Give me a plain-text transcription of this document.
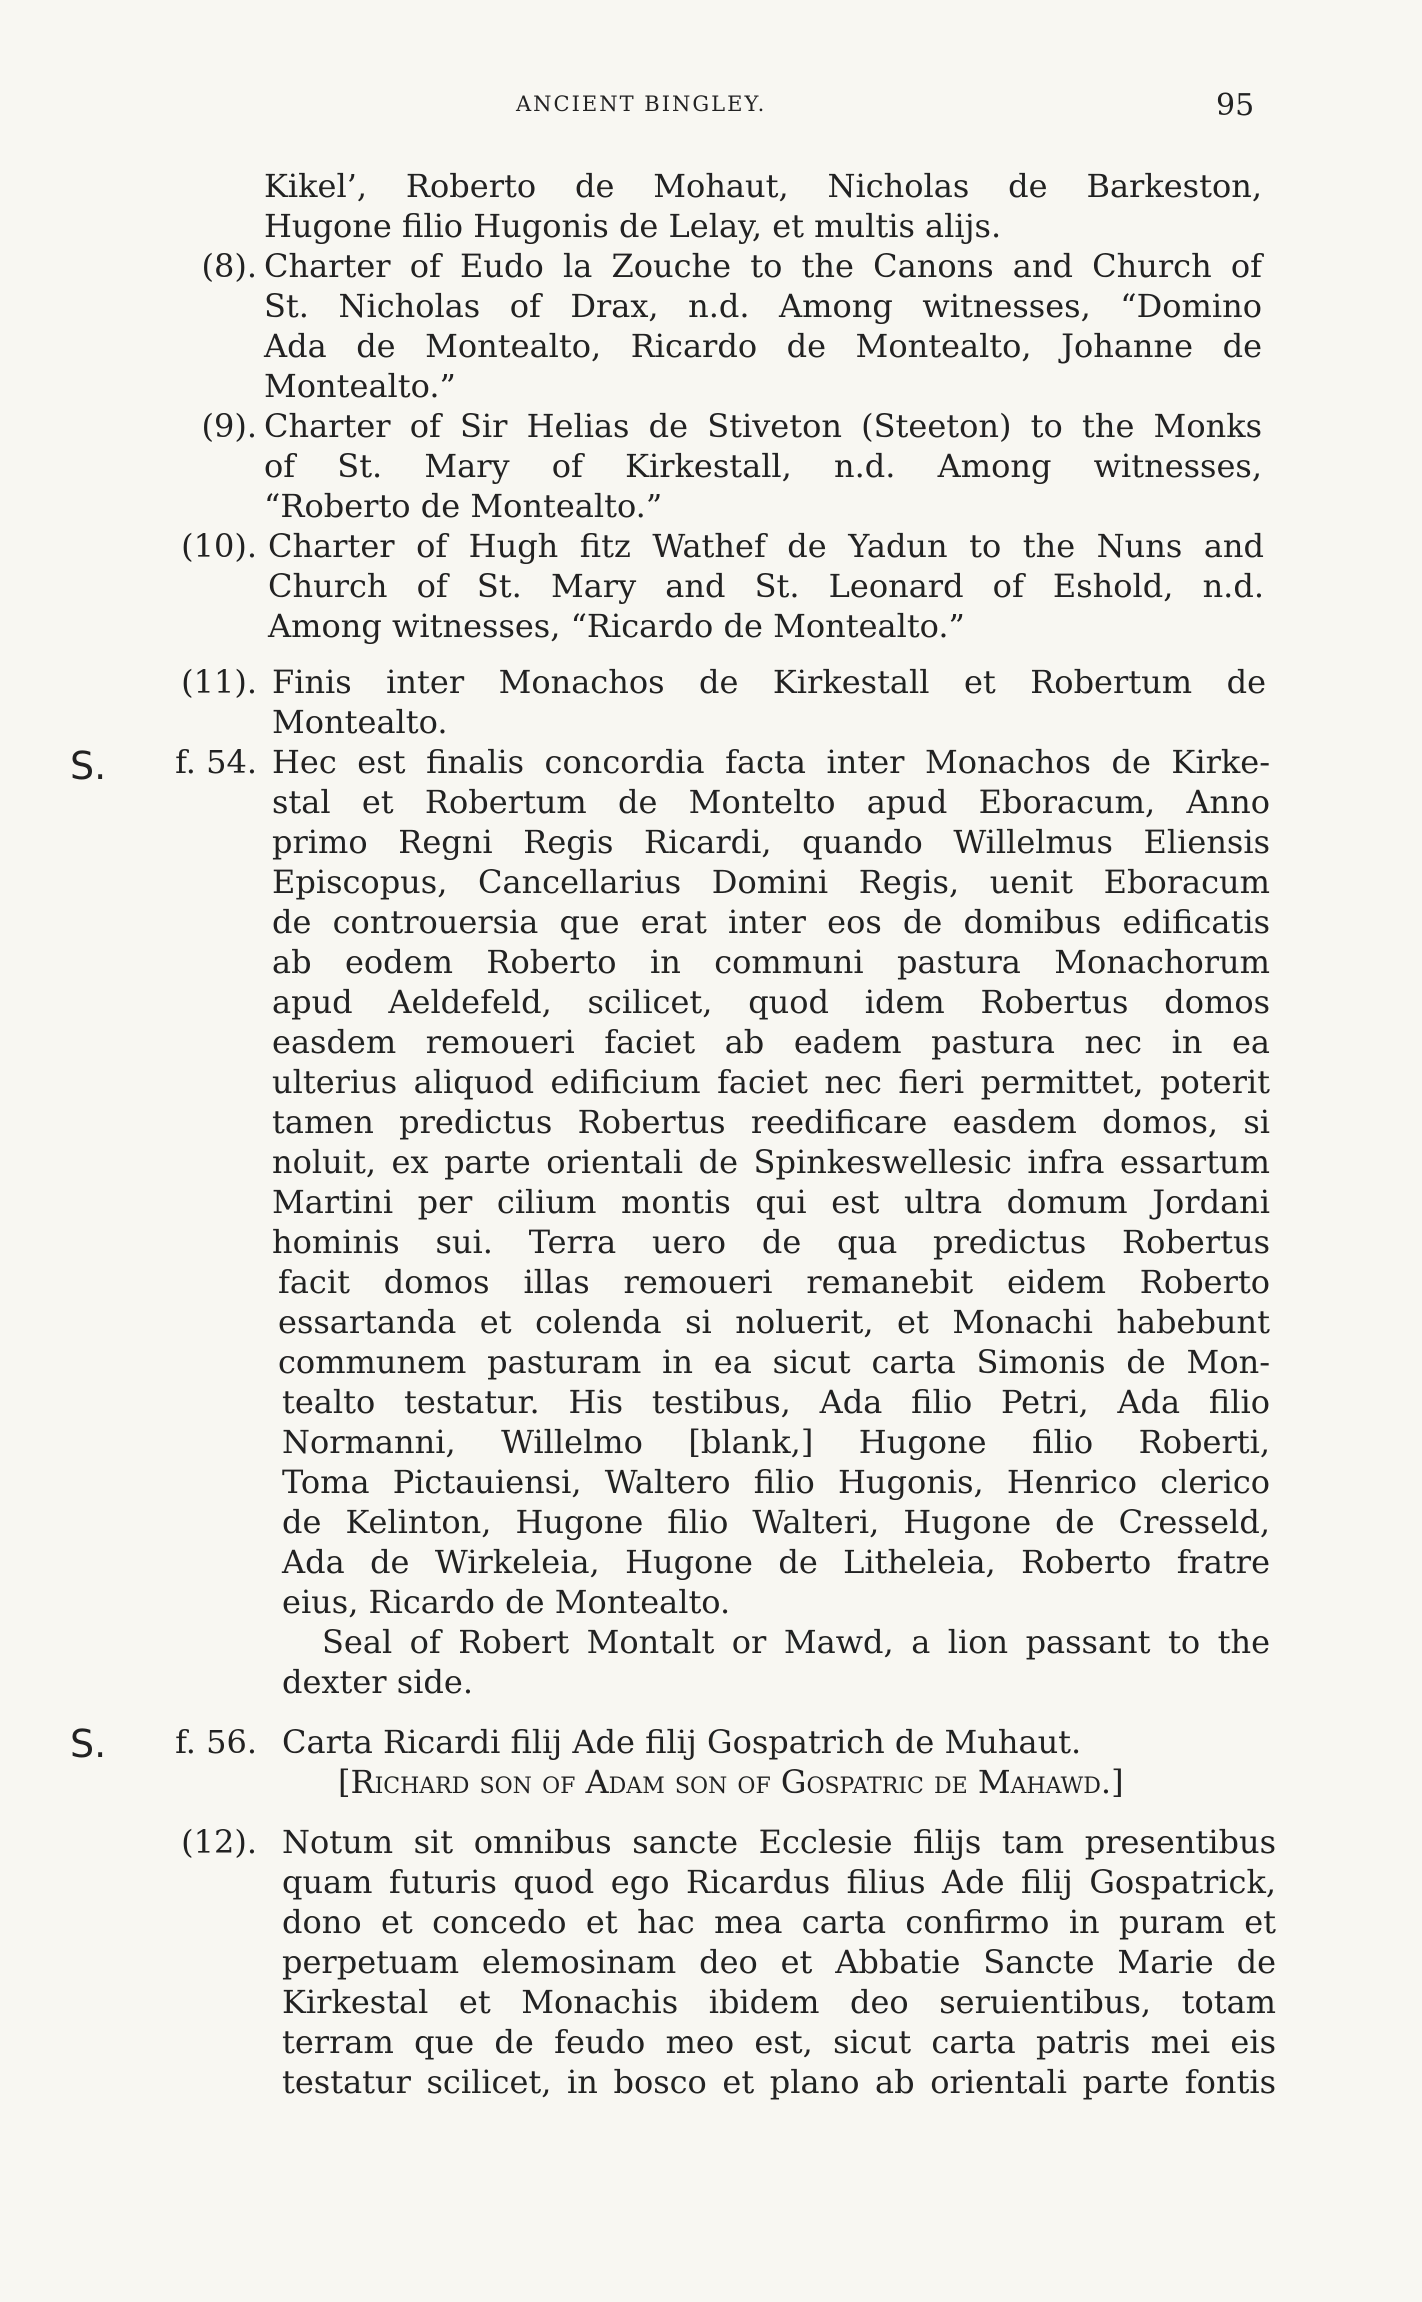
ANCIENT BINGLEY.	95
S.
S.
Kikel’, Roberto de Mohaut, Nicholas de Barkeston,
Hugone filio Hugonis de Lelay, et multis alijs.
(8). Charter of Eudo la Zouche to the Canons and Church of
St. Nicholas of Drax, n.d. Among witnesses, “Domino
Ada de Montealto, Ricardo de Montealto, Johanne de
Montealto.”
(9). Charter of Sir Helias de Stiveton (Steeton) to the Monks
of St. Mary of Kirkestall, n.d. Among witnesses,
“Roberto de Montealto.”
(10). Charter of Hugh fitz Wathef de Yadun to the Nuns and
Church of St. Mary and St. Leonard of Eshold, n.d.
Among witnesses, “Ricardo de Montealto.”
(11). Finis inter Monachos de Kirkestall et Robertum de
Montealto.
f. 54. Hec est finalis concordia facta inter Monachos de Kirke-
stal et Robertum de Montelto apud Eboracum, Anno
primo Regni Regis Ricardi, quando Willelmus Eliensis
Episcopus, Cancellarius Domini Regis, uenit Eboracum
de controuersia que erat inter eos de domibus edificatis
ab eodem Roberto in communi pastura Monachorum
apud Aeldefeld, scilicet, quod idem Robertus domos
easdem remoueri faciet ab eadem pastura nec in ea
ulterius aliquod edificium faciet nec fieri permittet, poterit
tamen predictus Robertus reedificare easdem domos, si
noluit, ex parte orientali de Spinkeswellesic infra essartum
Martini per cilium montis qui est ultra domum Jordani
hominis sui. Terra uero de qua predictus Robertus
facit domos illas remoueri remanebit eidem Roberto
essartanda et colenda si noluerit, et Monachi habebunt
communem pasturam in ea sicut carta Simonis de Mon-
tealto testatur. His testibus, Ada filio Petri, Ada filio
Normanni, Willelmo [blank,] Hugone filio Roberti,
Toma Pictauiensi, Waltero filio Hugonis, Henrico clerico
de Kelinton, Hugone filio Walteri, Hugone de Cresseld,
Ada de Wirkeleia, Hugone de Litheleia, Roberto fratre
eius, Ricardo de Montealto.
Seal of Robert Montalt or Mawd, a lion passant to the
dexter side.
f. 56. Carta Ricardi filij Ade filij Gospatrich de Muhaut.
[Richard son of Adam son of Gospatric de Mahawd.]
(12). Notum sit omnibus sancte Ecclesie filijs tam presentibus
quam futuris quod ego Ricardus filius Ade filij Gospatrick,
dono et concedo et hac mea carta confirmo in puram et
perpetuam elemosinam deo et Abbatie Sancte Marie de
Kirkestal et Monachis ibidem deo seruientibus, totam
terram que de feudo meo est, sicut carta patris mei eis
testatur scilicet, in bosco et plano ab orientali parte fontis
